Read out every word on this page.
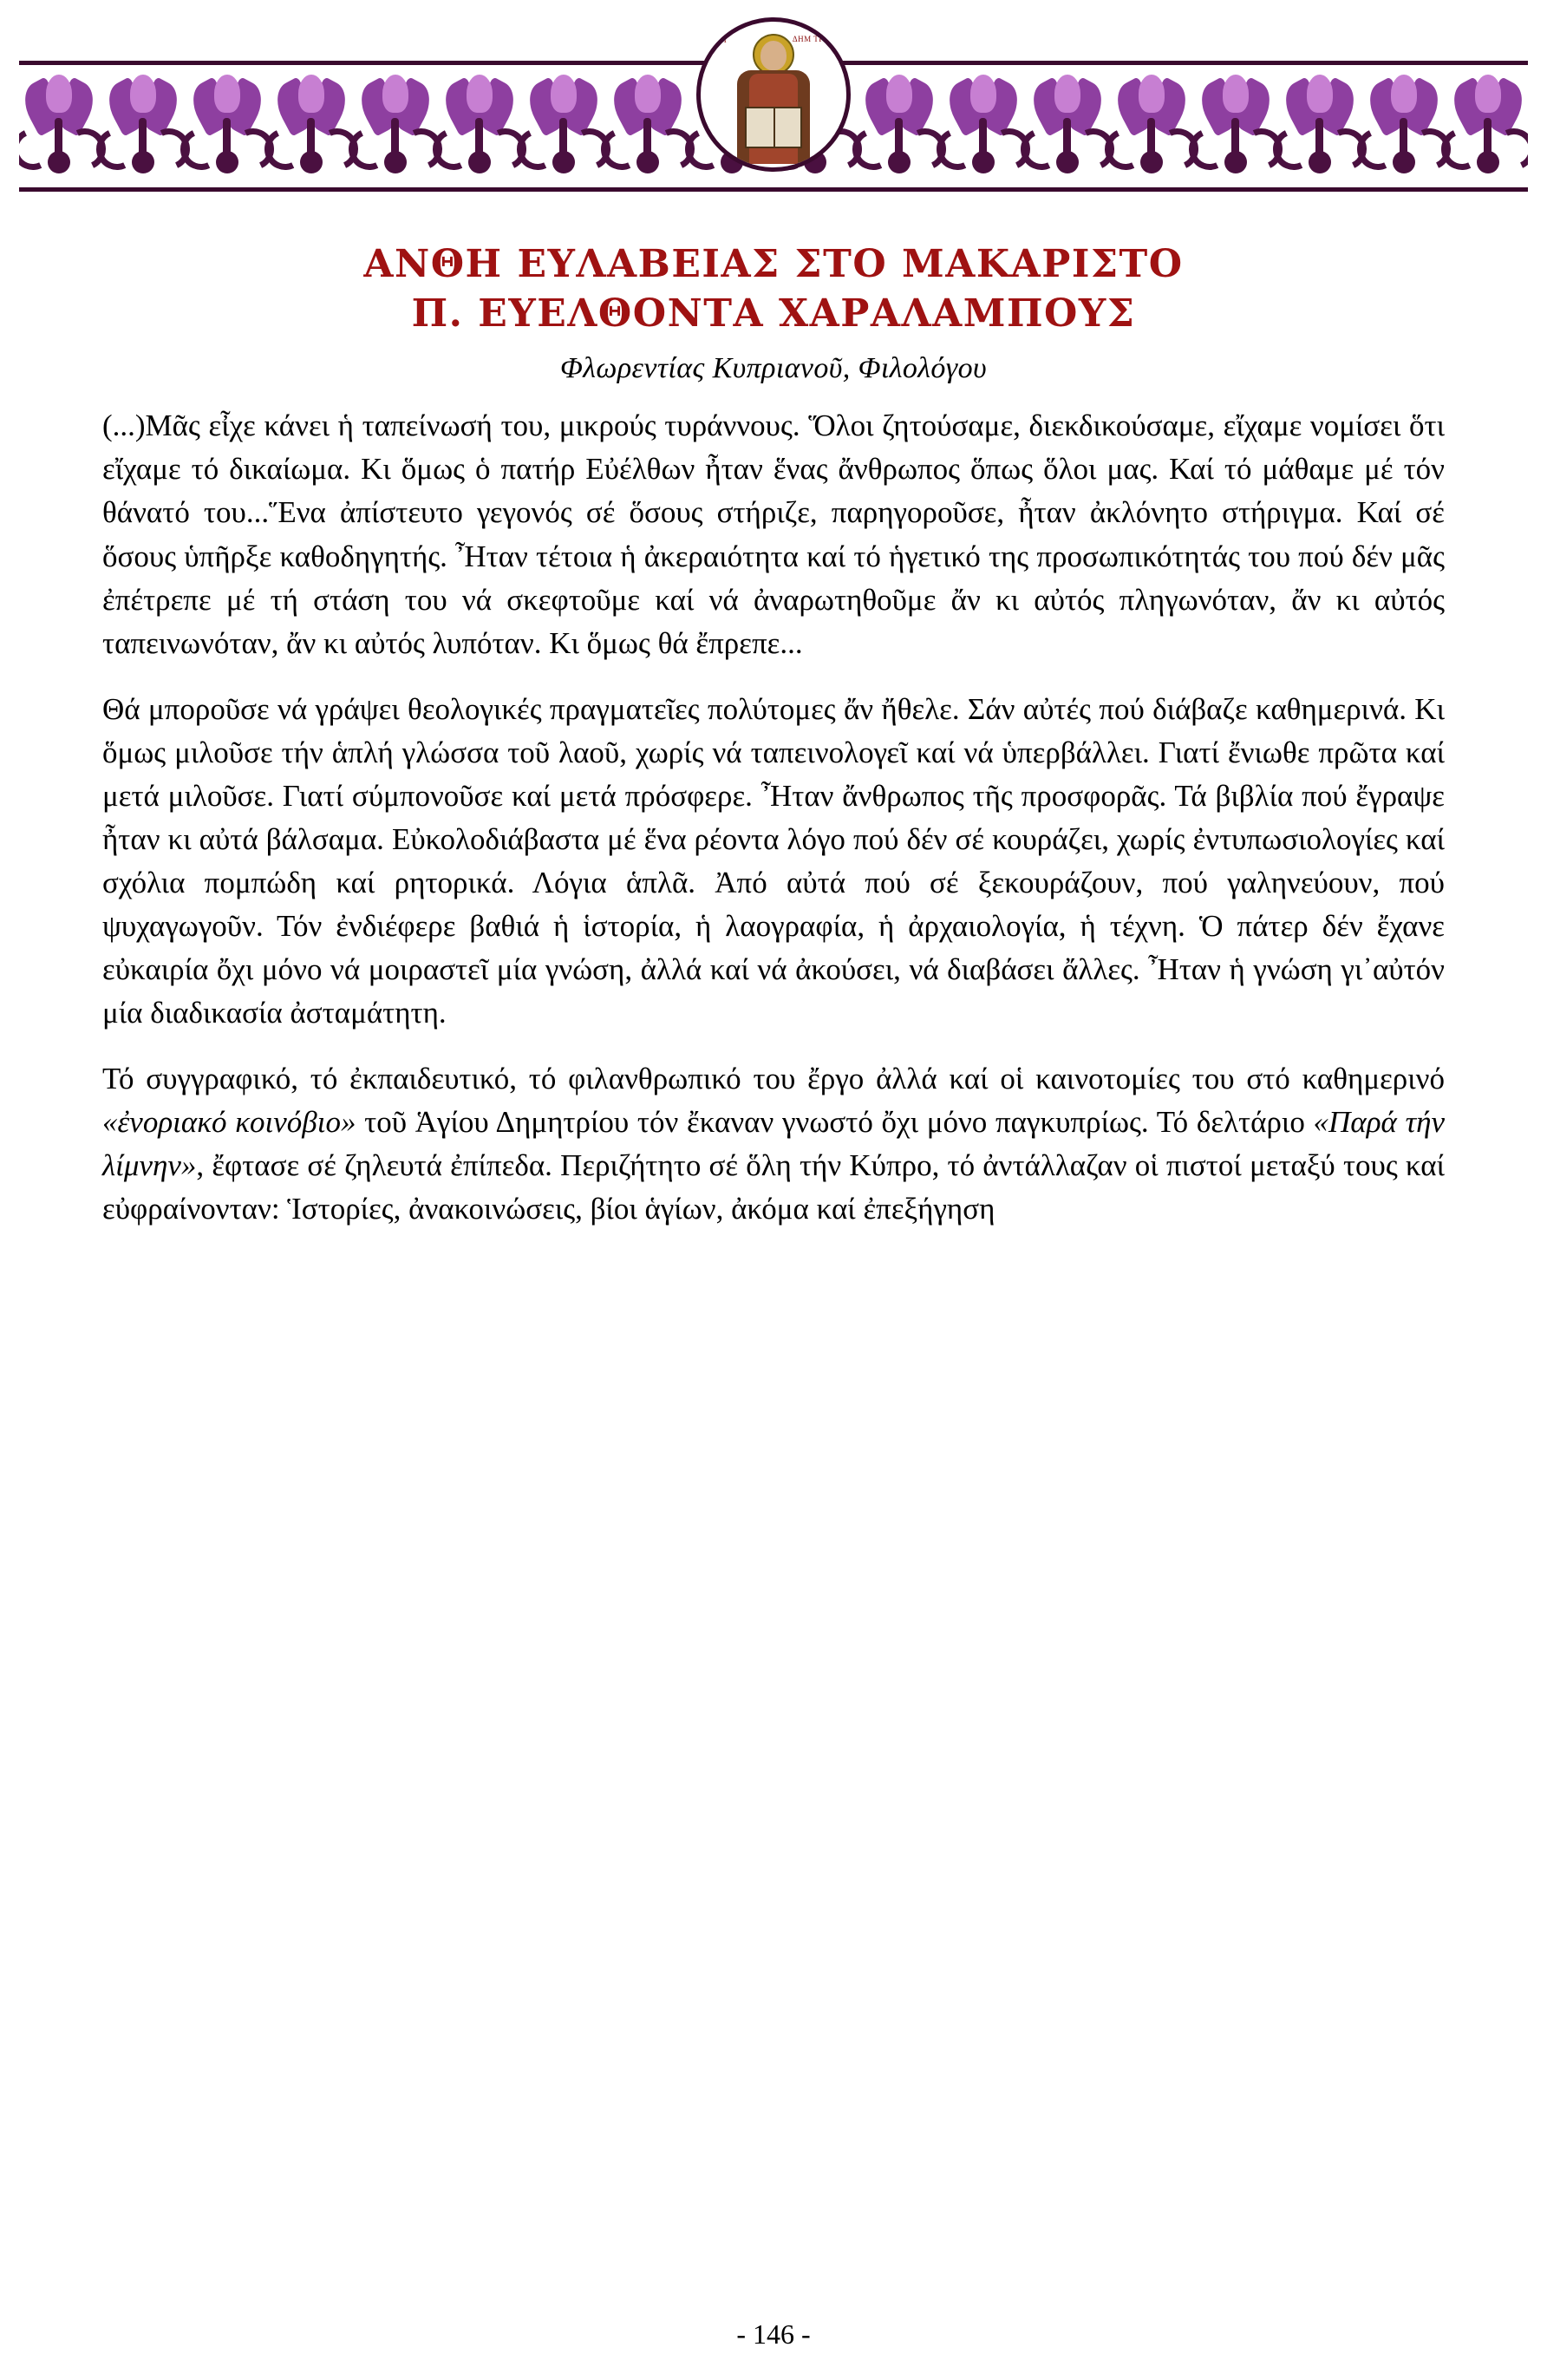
ΑΓΙ	ΔΗΜ ΤΡΙΟΣ
ΑΝΘΗ ΕΥΛΑΒΕΙΑΣ ΣΤΟ ΜΑΚΑΡΙΣΤΟ
Π. ΕΥΕΛΘΟΝΤΑ ΧΑΡΑΛΑΜΠΟΥΣ
Φλωρεντίας Κυπριανοῦ, Φιλολόγου

(...)Μᾶς εἶχε κάνει ἡ ταπείνωσή του, μικρούς τυράννους. Ὅλοι ζητούσαμε, διεκδικούσαμε, εἴχαμε νομίσει ὅτι εἴχαμε τό δικαίωμα. Κι ὅμως ὁ πατήρ Εὐέλθων ἦταν ἕνας ἄνθρωπος ὅπως ὅλοι μας. Καί τό μάθαμε μέ τόν θάνατό του...Ἕνα ἀπίστευτο γεγονός σέ ὅσους στήριζε, παρηγοροῦσε, ἦταν ἀκλόνητο στήριγμα. Καί σέ ὅσους ὑπῆρξε καθοδηγητής. Ἦταν τέτοια ἡ ἀκεραιότητα καί τό ἡγετικό της προσωπικότητάς του πού δέν μᾶς ἐπέτρεπε μέ τή στάση του νά σκεφτοῦμε καί νά ἀναρωτηθοῦμε ἄν κι αὐτός πληγωνόταν, ἄν κι αὐτός ταπεινωνόταν, ἄν κι αὐτός λυπόταν. Κι ὅμως θά ἔπρεπε...

Θά μποροῦσε νά γράψει θεολογικές πραγματεῖες πολύτομες ἄν ἤθελε. Σάν αὐτές πού διάβαζε καθημερινά. Κι ὅμως μιλοῦσε τήν ἁπλή γλώσσα τοῦ λαοῦ, χωρίς νά ταπεινολογεῖ καί νά ὑπερβάλλει. Γιατί ἔνιωθε πρῶτα καί μετά μιλοῦσε. Γιατί σύμπονοῦσε καί μετά πρόσφερε. Ἦταν ἄνθρωπος τῆς προσφορᾶς. Τά βιβλία πού ἔγραψε ἦταν κι αὐτά βάλσαμα. Εὐκολοδιάβαστα μέ ἕνα ρέοντα λόγο πού δέν σέ κουράζει, χωρίς ἐντυπωσιολογίες καί σχόλια πομπώδη καί ρητορικά. Λόγια ἁπλᾶ. Ἀπό αὐτά πού σέ ξεκουράζουν, πού γαληνεύουν, πού ψυχαγωγοῦν. Τόν ἐνδιέφερε βαθιά ἡ ἱστορία, ἡ λαογραφία, ἡ ἀρχαιολογία, ἡ τέχνη. Ὁ πάτερ δέν ἔχανε εὐκαιρία ὄχι μόνο νά μοιραστεῖ μία γνώση, ἀλλά καί νά ἀκούσει, νά διαβάσει ἄλλες. Ἦταν ἡ γνώση γι᾽αὐτόν μία διαδικασία ἀσταμάτητη.

Τό συγγραφικό, τό ἐκπαιδευτικό, τό φιλανθρωπικό του ἔργο ἀλλά καί οἱ καινοτομίες του στό καθημερινό «ἐνοριακό κοινόβιο» τοῦ Ἁγίου Δημητρίου τόν ἔκαναν γνωστό ὄχι μόνο παγκυπρίως. Τό δελτάριο «Παρά τήν λίμνην», ἔφτασε σέ ζηλευτά ἐπίπεδα. Περιζήτητο σέ ὅλη τήν Κύπρο, τό ἀντάλλαζαν οἱ πιστοί μεταξύ τους καί εὐφραίνονταν: Ἱστορίες, ἀνακοινώσεις, βίοι ἁγίων, ἀκόμα καί ἐπεξήγηση

- 146 -
